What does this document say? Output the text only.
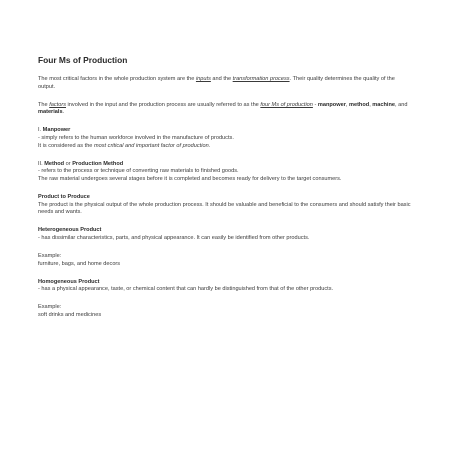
Four Ms of Production

The most critical factors in the whole production system are the inputs and the transformation process. Their quality determines the quality of the output.

The factors involved in the input and the production process are usually referred to as the four Ms of production - manpower, method, machine, and materials.

I. Manpower
- simply refers to the human workforce involved in the manufacture of products.
It is considered as the most critical and important factor of production.

II. Method or Production Method
- refers to the process or technique of converting raw materials to finished goods.
The raw material undergoes several stages before it is completed and becomes ready for delivery to the target consumers.

Product to Produce
The product is the physical output of the whole production process. It should be valuable and beneficial to the consumers and should satisfy their basic needs and wants.

Heterogeneous Product
- has dissimilar characteristics, parts, and physical appearance. It can easily be identified from other products.

Example:
furniture, bags, and home decors

Homogeneous Product
- has a physical appearance, taste, or chemical content that can hardly be distinguished from that of the other products.

Example:
soft drinks and medicines
